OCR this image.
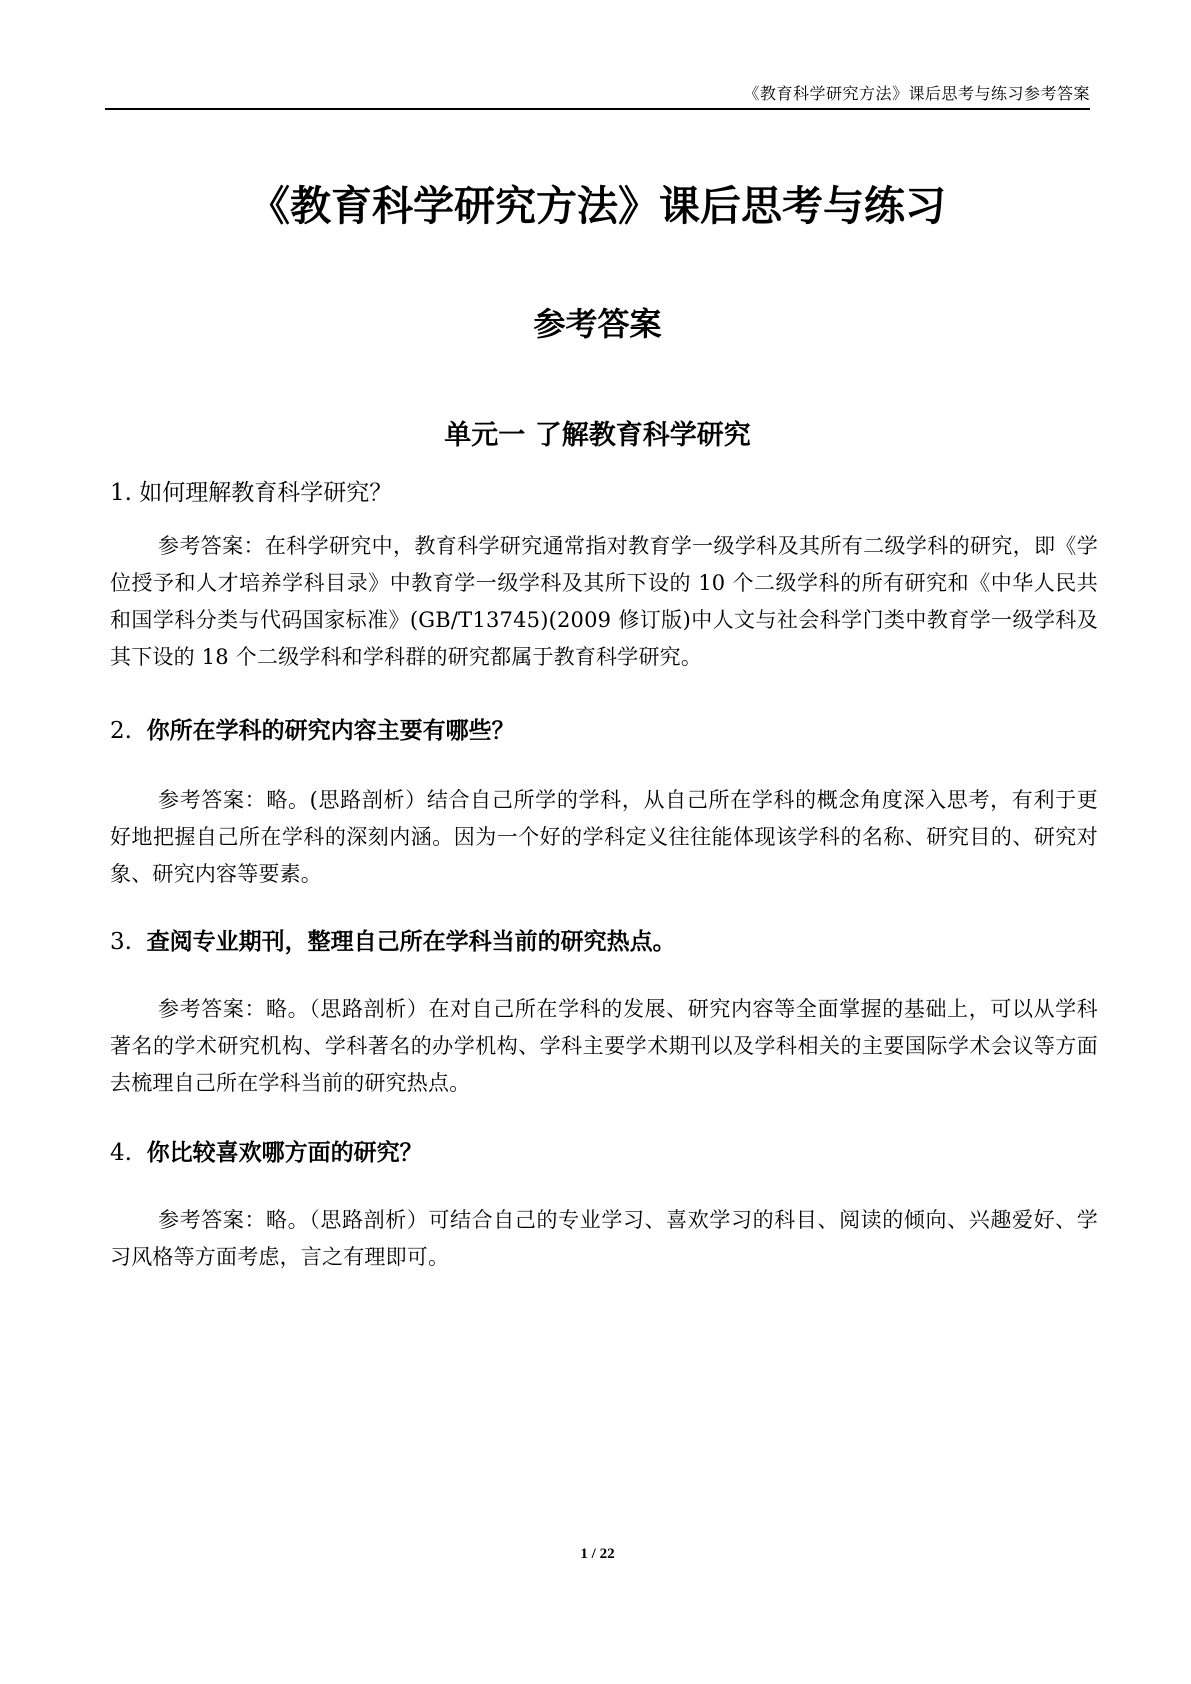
《教育科学研究方法》课后思考与练习参考答案
《教育科学研究方法》课后思考与练习
参考答案
单元一 了解教育科学研究
1. 如何理解教育科学研究？
参考答案：在科学研究中，教育科学研究通常指对教育学一级学科及其所有二级学科的研究，即《学位授予和人才培养学科目录》中教育学一级学科及其所下设的 10 个二级学科的所有研究和《中华人民共和国学科分类与代码国家标准》(GB/T13745)(2009 修订版)中人文与社会科学门类中教育学一级学科及其下设的 18 个二级学科和学科群的研究都属于教育科学研究。
2. 你所在学科的研究内容主要有哪些？
参考答案：略。(思路剖析）结合自己所学的学科，从自己所在学科的概念角度深入思考，有利于更好地把握自己所在学科的深刻内涵。因为一个好的学科定义往往能体现该学科的名称、研究目的、研究对象、研究内容等要素。
3. 查阅专业期刊，整理自己所在学科当前的研究热点。
参考答案：略。（思路剖析）在对自己所在学科的发展、研究内容等全面掌握的基础上，可以从学科著名的学术研究机构、学科著名的办学机构、学科主要学术期刊以及学科相关的主要国际学术会议等方面去梳理自己所在学科当前的研究热点。
4. 你比较喜欢哪方面的研究？
参考答案：略。（思路剖析）可结合自己的专业学习、喜欢学习的科目、阅读的倾向、兴趣爱好、学习风格等方面考虑，言之有理即可。
1 / 22
